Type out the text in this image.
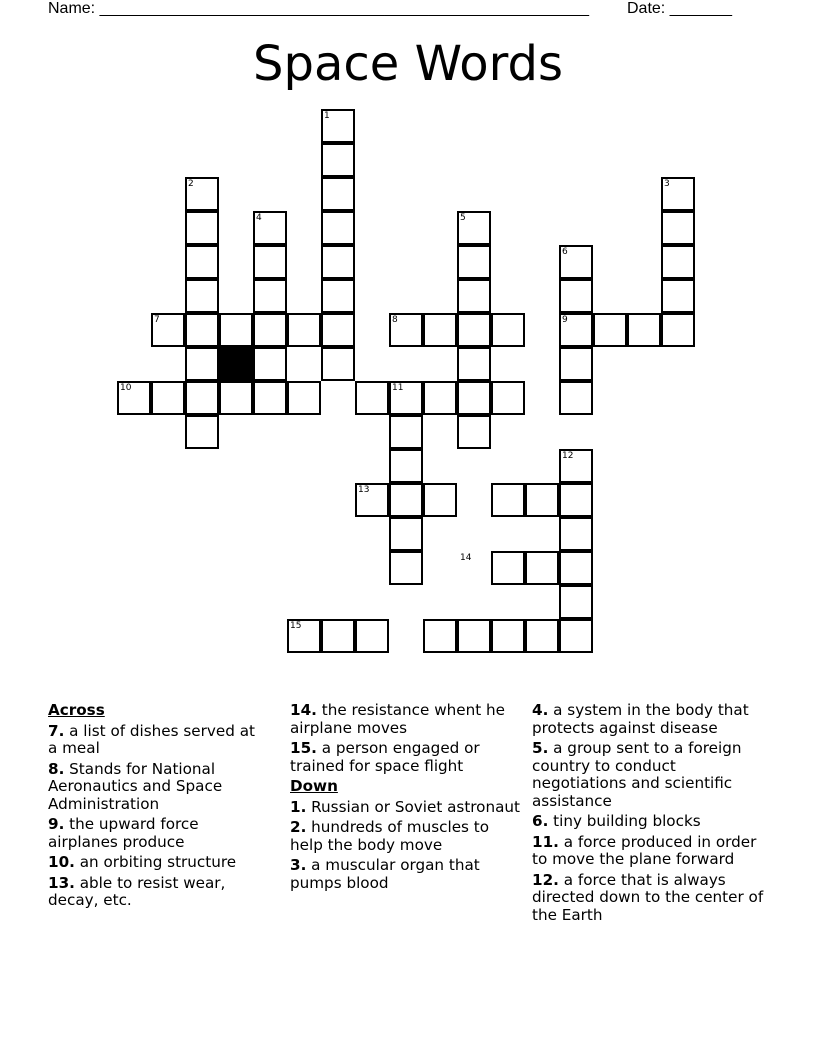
Name: _______________________________________________________ Date: _______
Space Words
1
2	3
4	5
6
7	8	9
10	11
12
13
14
15
Across
7. a list of dishes served at a meal
8. Stands for National Aeronautics and Space Administration
9. the upward force airplanes produce
10. an orbiting structure
13. able to resist wear, decay, etc.
14. the resistance whent he airplane moves
15. a person engaged or trained for space flight
Down
1. Russian or Soviet astronaut
2. hundreds of muscles to help the body move
3. a muscular organ that pumps blood
4. a system in the body that protects against disease
5. a group sent to a foreign country to conduct negotiations and scientific assistance
6. tiny building blocks
11. a force produced in order to move the plane forward
12. a force that is always directed down to the center of the Earth
